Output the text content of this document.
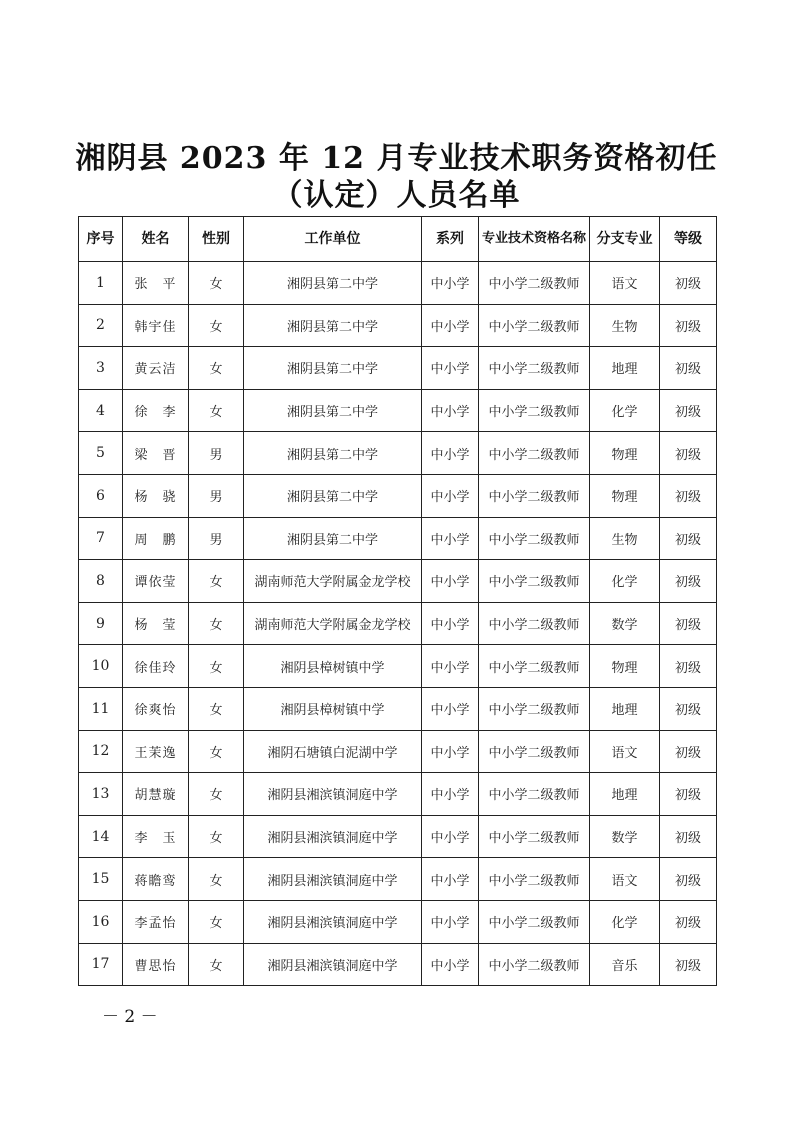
湘阴县 2023 年 12 月专业技术职务资格初任
（认定）人员名单
序号	姓名	性别	工作单位	系列	专业技术资格名称	分支专业	等级
1	张　平	女	湘阴县第二中学	中小学	中小学二级教师	语文	初级
2	韩宇佳	女	湘阴县第二中学	中小学	中小学二级教师	生物	初级
3	黄云洁	女	湘阴县第二中学	中小学	中小学二级教师	地理	初级
4	徐　李	女	湘阴县第二中学	中小学	中小学二级教师	化学	初级
5	梁　晋	男	湘阴县第二中学	中小学	中小学二级教师	物理	初级
6	杨　骁	男	湘阴县第二中学	中小学	中小学二级教师	物理	初级
7	周　鹏	男	湘阴县第二中学	中小学	中小学二级教师	生物	初级
8	谭依莹	女	湖南师范大学附属金龙学校	中小学	中小学二级教师	化学	初级
9	杨　莹	女	湖南师范大学附属金龙学校	中小学	中小学二级教师	数学	初级
10	徐佳玲	女	湘阴县樟树镇中学	中小学	中小学二级教师	物理	初级
11	徐爽怡	女	湘阴县樟树镇中学	中小学	中小学二级教师	地理	初级
12	王茉逸	女	湘阴石塘镇白泥湖中学	中小学	中小学二级教师	语文	初级
13	胡慧璇	女	湘阴县湘滨镇洞庭中学	中小学	中小学二级教师	地理	初级
14	李　玉	女	湘阴县湘滨镇洞庭中学	中小学	中小学二级教师	数学	初级
15	蒋瞻鸾	女	湘阴县湘滨镇洞庭中学	中小学	中小学二级教师	语文	初级
16	李孟怡	女	湘阴县湘滨镇洞庭中学	中小学	中小学二级教师	化学	初级
17	曹思怡	女	湘阴县湘滨镇洞庭中学	中小学	中小学二级教师	音乐	初级
－ 2 －
